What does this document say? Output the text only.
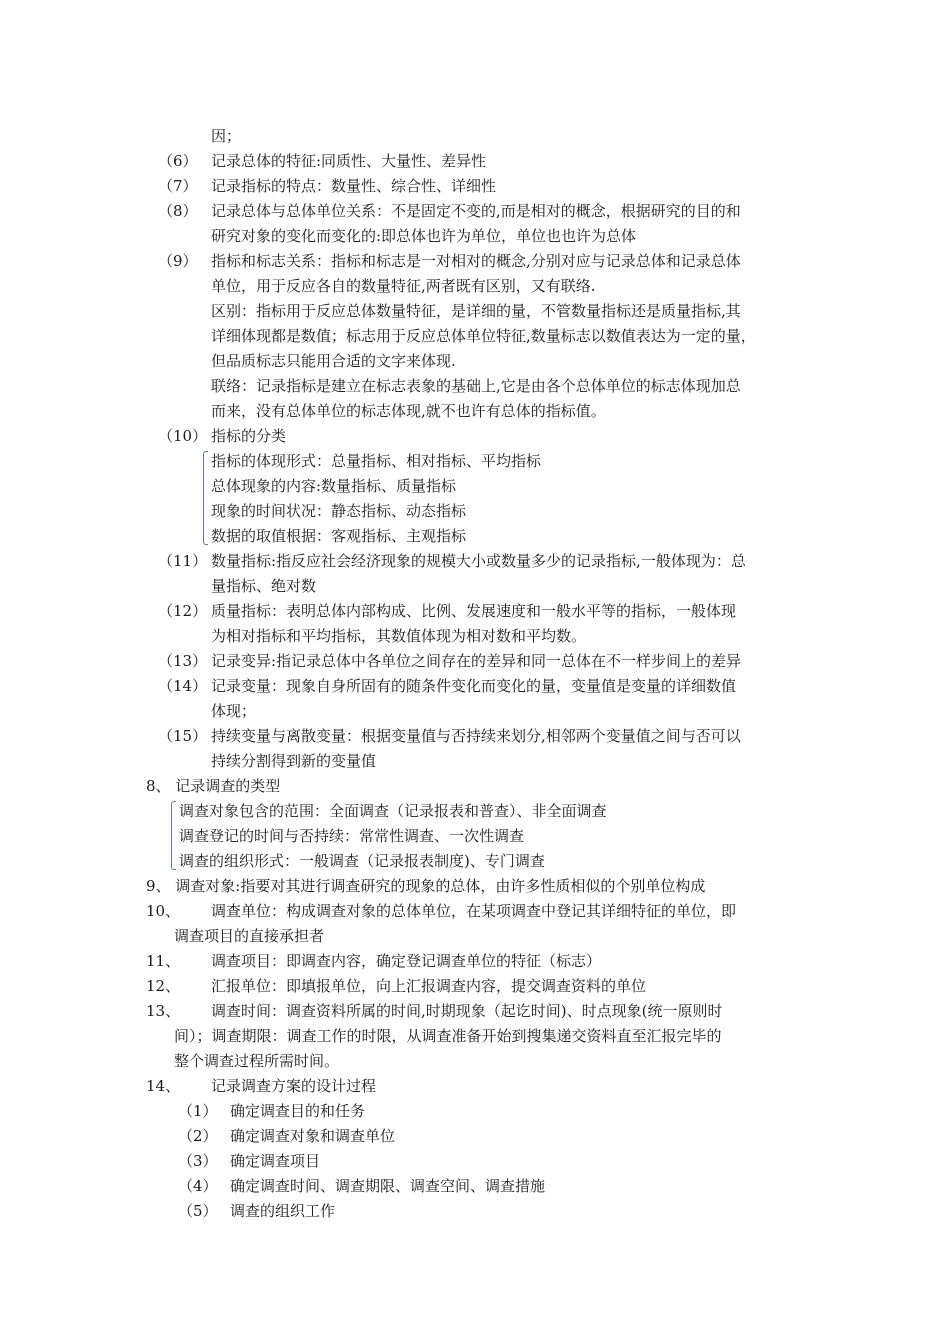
因；
（6） 记录总体的特征:同质性、大量性、差异性
（7） 记录指标的特点：数量性、综合性、详细性
（8） 记录总体与总体单位关系：不是固定不变的,而是相对的概念，根据研究的目的和
研究对象的变化而变化的:即总体也许为单位，单位也也许为总体
（9） 指标和标志关系：指标和标志是一对相对的概念,分别对应与记录总体和记录总体
单位，用于反应各自的数量特征,两者既有区别，又有联络.
区别：指标用于反应总体数量特征，是详细的量，不管数量指标还是质量指标,其
详细体现都是数值；标志用于反应总体单位特征,数量标志以数值表达为一定的量，
但品质标志只能用合适的文字来体现.
联络：记录指标是建立在标志表象的基础上,它是由各个总体单位的标志体现加总
而来，没有总体单位的标志体现,就不也许有总体的指标值。
（10） 指标的分类
指标的体现形式：总量指标、相对指标、平均指标
总体现象的内容:数量指标、质量指标
现象的时间状况：静态指标、动态指标
数据的取值根据：客观指标、主观指标
（11） 数量指标:指反应社会经济现象的规模大小或数量多少的记录指标,一般体现为：总
量指标、绝对数
（12） 质量指标：表明总体内部构成、比例、发展速度和一般水平等的指标，一般体现
为相对指标和平均指标，其数值体现为相对数和平均数。
（13） 记录变异:指记录总体中各单位之间存在的差异和同一总体在不一样步间上的差异
（14） 记录变量：现象自身所固有的随条件变化而变化的量，变量值是变量的详细数值
体现；
（15） 持续变量与离散变量：根据变量值与否持续来划分,相邻两个变量值之间与否可以
持续分割得到新的变量值
8、 记录调查的类型
调查对象包含的范围：全面调查（记录报表和普查）、非全面调查
调查登记的时间与否持续：常常性调查、一次性调查
调查的组织形式：一般调查（记录报表制度)、专门调查
9、 调查对象:指要对其进行调查研究的现象的总体，由许多性质相似的个别单位构成
10、 调查单位：构成调查对象的总体单位，在某项调查中登记其详细特征的单位，即
调查项目的直接承担者
11、 调查项目：即调查内容，确定登记调查单位的特征（标志）
12、 汇报单位：即填报单位，向上汇报调查内容，提交调查资料的单位
13、 调查时间：调查资料所属的时间,时期现象（起讫时间)、时点现象(统一原则时
间）；调查期限：调查工作的时限，从调查准备开始到搜集递交资料直至汇报完毕的
整个调查过程所需时间。
14、 记录调查方案的设计过程
（1） 确定调查目的和任务
（2） 确定调查对象和调查单位
（3） 确定调查项目
（4） 确定调查时间、调查期限、调查空间、调查措施
（5） 调查的组织工作
